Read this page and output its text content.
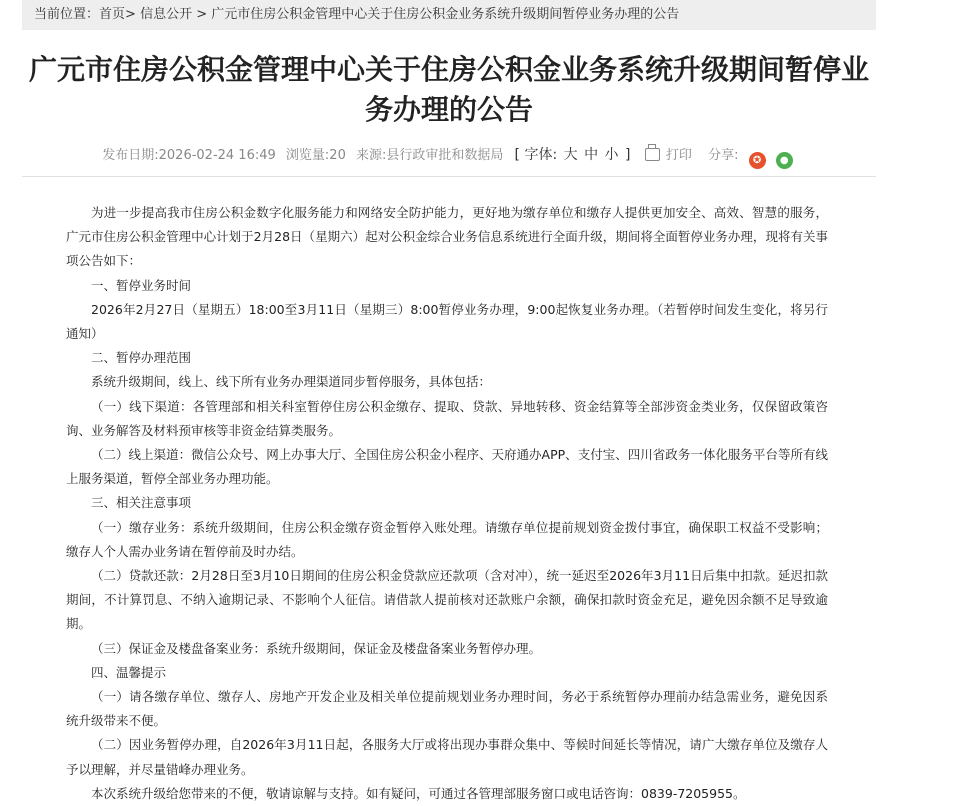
当前位置：首页> 信息公开 > 广元市住房公积金管理中心关于住房公积金业务系统升级期间暂停业务办理的公告
广元市住房公积金管理中心关于住房公积金业务系统升级期间暂停业务办理的公告
发布日期:2026-02-24 16:49 浏览量:20 来源:县行政审批和数据局 [ 字体: 大 中 小 ]	打印 分享: ✪ ●

为进一步提高我市住房公积金数字化服务能力和网络安全防护能力，更好地为缴存单位和缴存人提供更加安全、高效、智慧的服务，广元市住房公积金管理中心计划于2月28日（星期六）起对公积金综合业务信息系统进行全面升级，期间将全面暂停业务办理，现将有关事项公告如下：

一、暂停业务时间

2026年2月27日（星期五）18:00至3月11日（星期三）8:00暂停业务办理，9:00起恢复业务办理。（若暂停时间发生变化，将另行通知）

二、暂停办理范围

系统升级期间，线上、线下所有业务办理渠道同步暂停服务，具体包括：

（一）线下渠道：各管理部和相关科室暂停住房公积金缴存、提取、贷款、异地转移、资金结算等全部涉资金类业务，仅保留政策咨询、业务解答及材料预审核等非资金结算类服务。

（二）线上渠道：微信公众号、网上办事大厅、全国住房公积金小程序、天府通办APP、支付宝、四川省政务一体化服务平台等所有线上服务渠道，暂停全部业务办理功能。

三、相关注意事项

（一）缴存业务：系统升级期间，住房公积金缴存资金暂停入账处理。请缴存单位提前规划资金拨付事宜，确保职工权益不受影响；缴存人个人需办业务请在暂停前及时办结。

（二）贷款还款：2月28日至3月10日期间的住房公积金贷款应还款项（含对冲），统一延迟至2026年3月11日后集中扣款。延迟扣款期间，不计算罚息、不纳入逾期记录、不影响个人征信。请借款人提前核对还款账户余额，确保扣款时资金充足，避免因余额不足导致逾期。

（三）保证金及楼盘备案业务：系统升级期间，保证金及楼盘备案业务暂停办理。

四、温馨提示

（一）请各缴存单位、缴存人、房地产开发企业及相关单位提前规划业务办理时间，务必于系统暂停办理前办结急需业务，避免因系统升级带来不便。

（二）因业务暂停办理，自2026年3月11日起，各服务大厅或将出现办事群众集中、等候时间延长等情况，请广大缴存单位及缴存人予以理解，并尽量错峰办理业务。

本次系统升级给您带来的不便，敬请谅解与支持。如有疑问，可通过各管理部服务窗口或电话咨询：0839-7205955。
